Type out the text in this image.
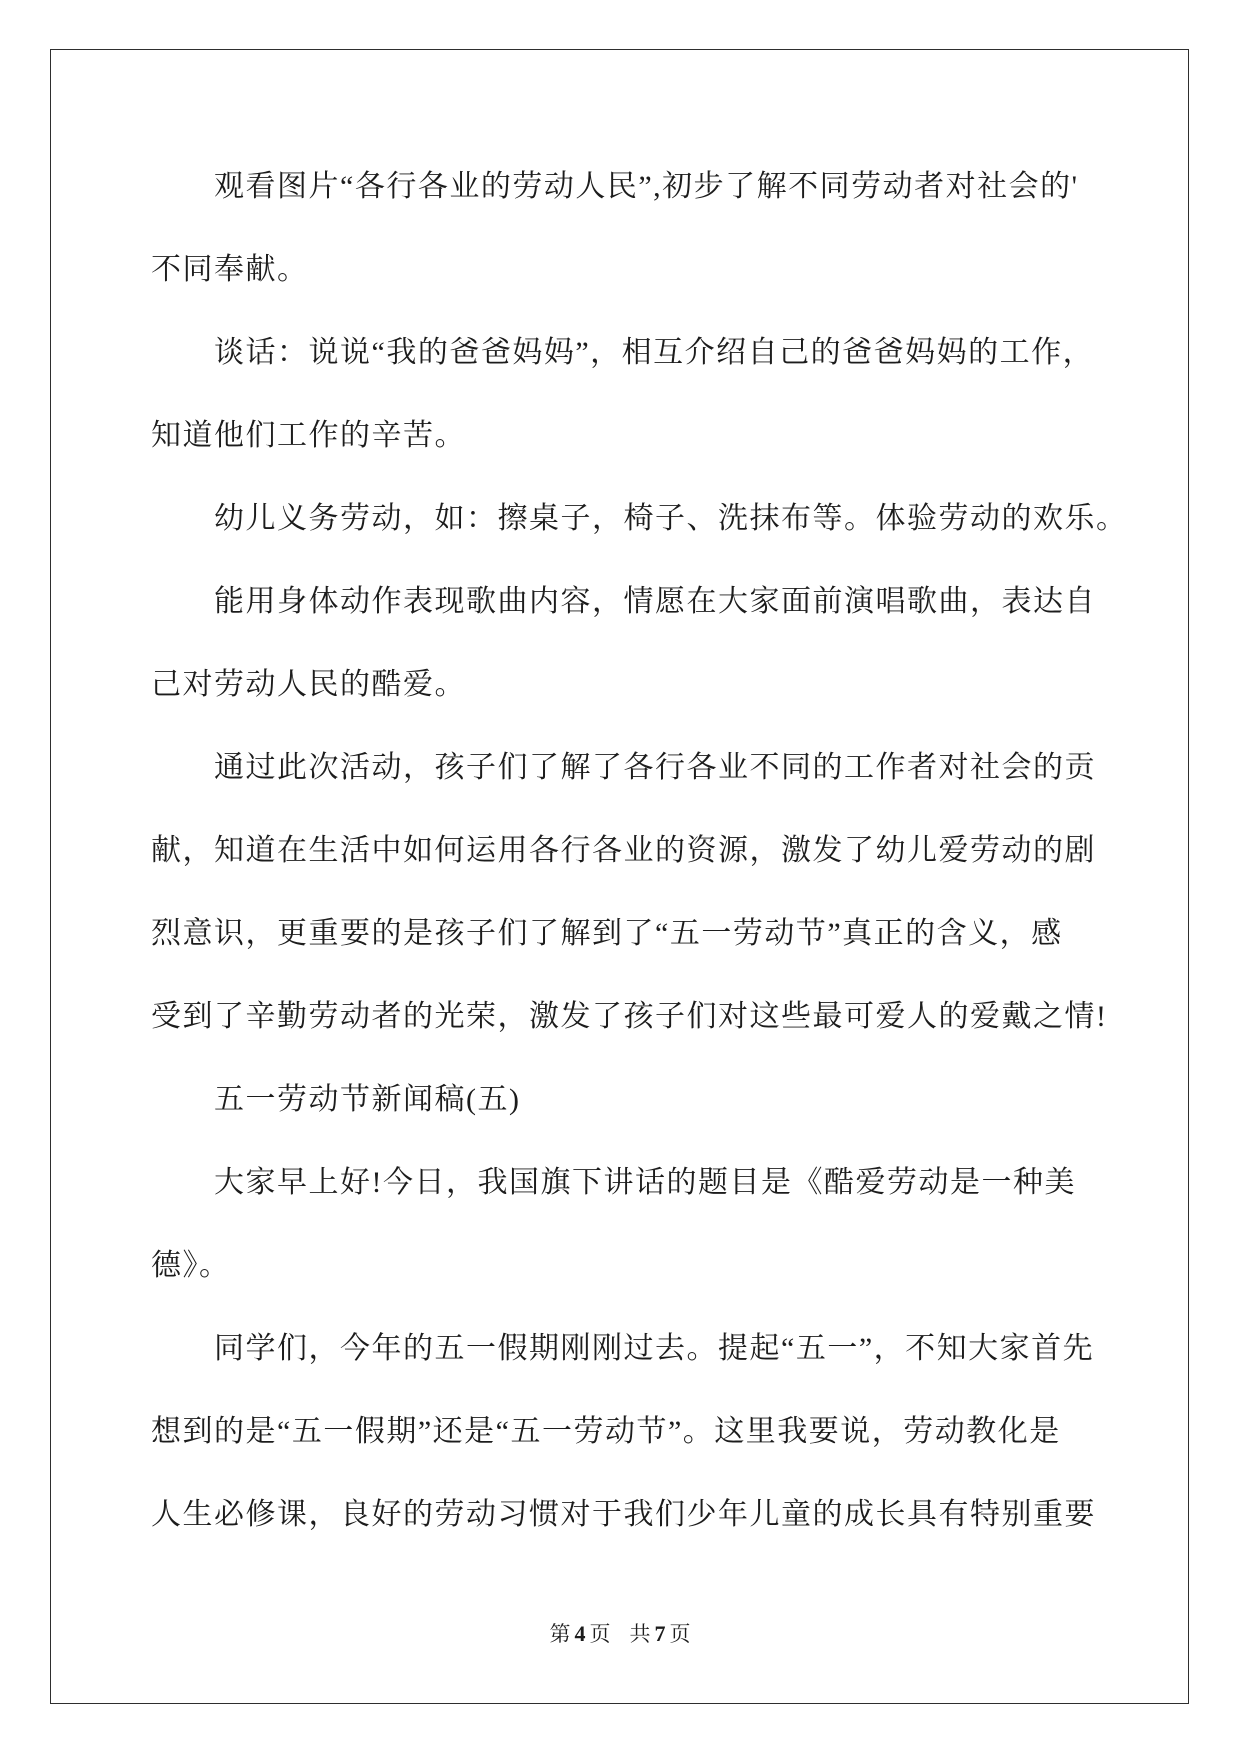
观看图片“各行各业的劳动人民”,初步了解不同劳动者对社会的'
不同奉献。
谈话：说说“我的爸爸妈妈”，相互介绍自己的爸爸妈妈的工作，
知道他们工作的辛苦。
幼儿义务劳动，如：擦桌子，椅子、洗抹布等。体验劳动的欢乐。
能用身体动作表现歌曲内容，情愿在大家面前演唱歌曲，表达自
己对劳动人民的酷爱。
通过此次活动，孩子们了解了各行各业不同的工作者对社会的贡
献，知道在生活中如何运用各行各业的资源，激发了幼儿爱劳动的剧
烈意识，更重要的是孩子们了解到了“五一劳动节”真正的含义，感
受到了辛勤劳动者的光荣，激发了孩子们对这些最可爱人的爱戴之情!
五一劳动节新闻稿(五)
大家早上好!今日，我国旗下讲话的题目是《酷爱劳动是一种美
德》。
同学们，今年的五一假期刚刚过去。提起“五一”，不知大家首先
想到的是“五一假期”还是“五一劳动节”。这里我要说，劳动教化是
人生必修课，良好的劳动习惯对于我们少年儿童的成长具有特别重要
第 4 页 共 7 页
